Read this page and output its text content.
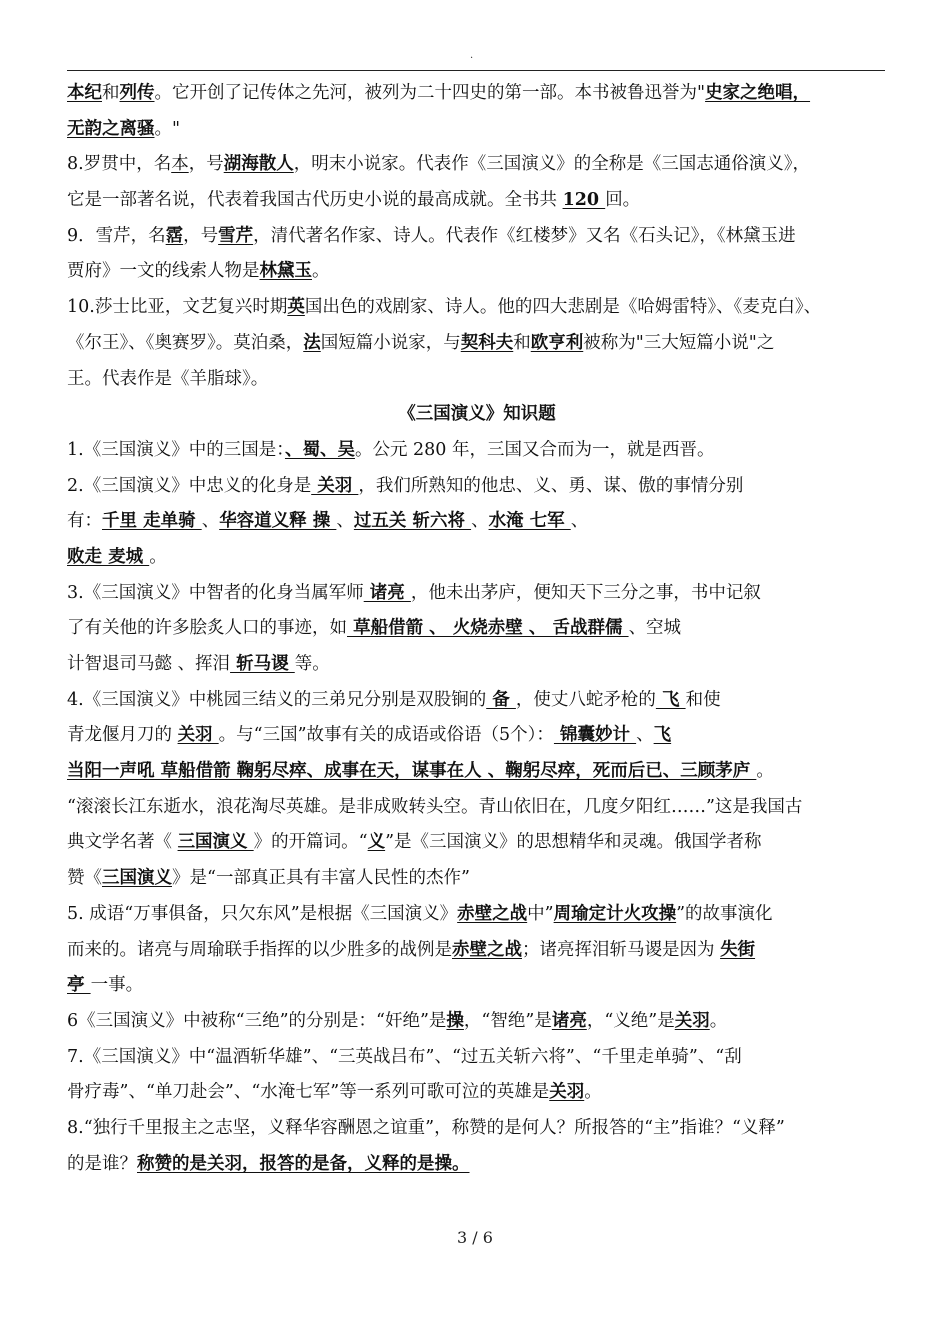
.
本纪和列传。它开创了记传体之先河，被列为二十四史的第一部。本书被鲁迅誉为"史家之绝唱，
无韵之离骚。"
8.罗贯中，名本，号湖海散人，明末小说家。代表作《三国演义》的全称是《三国志通俗演义》，
它是一部著名说，代表着我国古代历史小说的最高成就。全书共 120 回。
9．雪芹，名霑，号雪芹，清代著名作家、诗人。代表作《红楼梦》又名《石头记》，《林黛玉进
贾府》一文的线索人物是林黛玉。
10.莎士比亚，文艺复兴时期英国出色的戏剧家、诗人。他的四大悲剧是《哈姆雷特》、《麦克白》、
《尔王》、《奥赛罗》。莫泊桑，法国短篇小说家，与契科夫和欧亨利被称为"三大短篇小说"之
王。代表作是《羊脂球》。
《三国演义》知识题
1.《三国演义》中的三国是：、蜀、吴。公元 280 年，三国又合而为一，就是西晋。
2.《三国演义》中忠义的化身是 关羽 ，我们所熟知的他忠、义、勇、谋、傲的事情分别
有：千里 走单骑 、华容道义释 操 、过五关 斩六将 、水淹 七军 、
败走 麦城 。
3.《三国演义》中智者的化身当属军师 诸亮 ，他未出茅庐，便知天下三分之事，书中记叙
了有关他的许多脍炙人口的事迹，如 草船借箭 、 火烧赤壁 、 舌战群儒 、空城
计智退司马懿 、挥泪 斩马谡 等。
4.《三国演义》中桃园三结义的三弟兄分别是双股锏的 备 ，使丈八蛇矛枪的 飞 和使
青龙偃月刀的 关羽 。与“三国”故事有关的成语或俗语（5个）： 锦囊妙计 、飞
当阳一声吼 草船借箭 鞠躬尽瘁、成事在天，谋事在人 、鞠躬尽瘁，死而后已、三顾茅庐 。
“滚滚长江东逝水，浪花淘尽英雄。是非成败转头空。青山依旧在，几度夕阳红……”这是我国古
典文学名著《 三国演义 》的开篇词。“义”是《三国演义》的思想精华和灵魂。俄国学者称
赞《三国演义》是“一部真正具有丰富人民性的杰作”
5. 成语“万事俱备，只欠东风”是根据《三国演义》赤壁之战中”周瑜定计火攻操”的故事演化
而来的。诸亮与周瑜联手指挥的以少胜多的战例是赤壁之战；诸亮挥泪斩马谡是因为 失街
亭 一事。
6《三国演义》中被称“三绝”的分别是：“奸绝”是操，“智绝”是诸亮，“义绝”是关羽。
7.《三国演义》中“温酒斩华雄”、“三英战吕布”、“过五关斩六将”、“千里走单骑”、“刮
骨疗毒”、“单刀赴会”、“水淹七军”等一系列可歌可泣的英雄是关羽。
8.“独行千里报主之志坚，义释华容酬恩之谊重”，称赞的是何人？所报答的“主”指谁？“义释”
的是谁？称赞的是关羽，报答的是备，义释的是操。
3 / 6
